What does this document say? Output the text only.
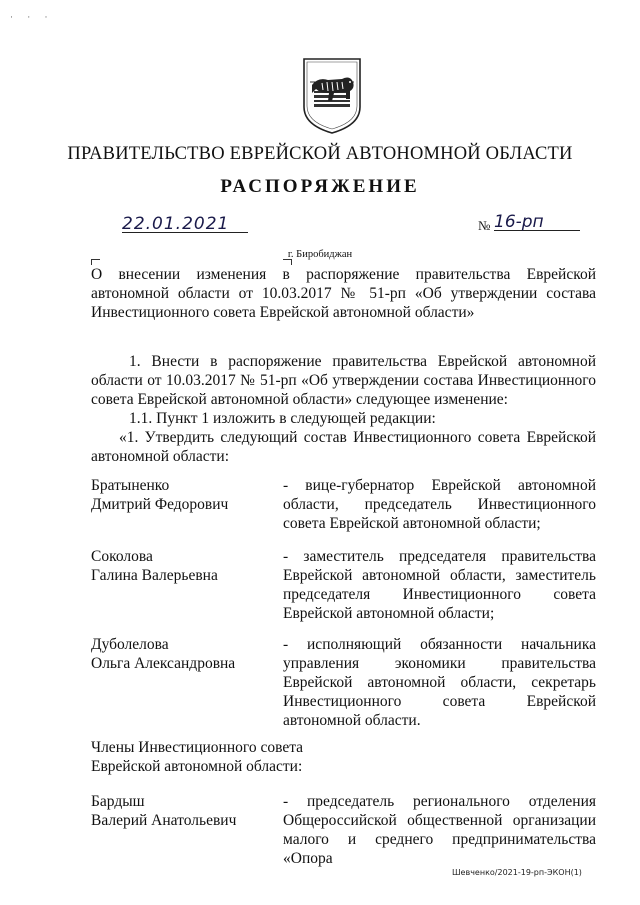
· · ·
ПРАВИТЕЛЬСТВО ЕВРЕЙСКОЙ АВТОНОМНОЙ ОБЛАСТИ
РАСПОРЯЖЕНИЕ
22.01.2021	№ 16-рп
г. Биробиджан
О внесении изменения в распоряжение правительства Еврейской автономной области от 10.03.2017 № 51-рп «Об утверждении состава Инвестиционного совета Еврейской автономной области»

1. Внести в распоряжение правительства Еврейской автономной области от 10.03.2017 № 51-рп «Об утверждении состава Инвестиционного совета Еврейской автономной области» следующее изменение:

1.1. Пункт 1 изложить в следующей редакции:

«1. Утвердить следующий состав Инвестиционного совета Еврейской автономной области:

Братыненко
Дмитрий Федорович
- вице-губернатор Еврейской автономной области, председатель Инвестиционного совета Еврейской автономной области;
Соколова
Галина Валерьевна
- заместитель председателя правительства Еврейской автономной области, заместитель председателя Инвестиционного совета Еврейской автономной области;
Дуболелова
Ольга Александровна
- исполняющий обязанности начальника управления экономики правительства Еврейской автономной области, секретарь Инвестиционного совета Еврейской автономной области.
Члены Инвестиционного совета
Еврейской автономной области:
Бардыш
Валерий Анатольевич
- председатель регионального отделения Общероссийской общественной организации малого и среднего предпринимательства «Опора
Шевченко/2021-19-рп-ЭКОН(1)
